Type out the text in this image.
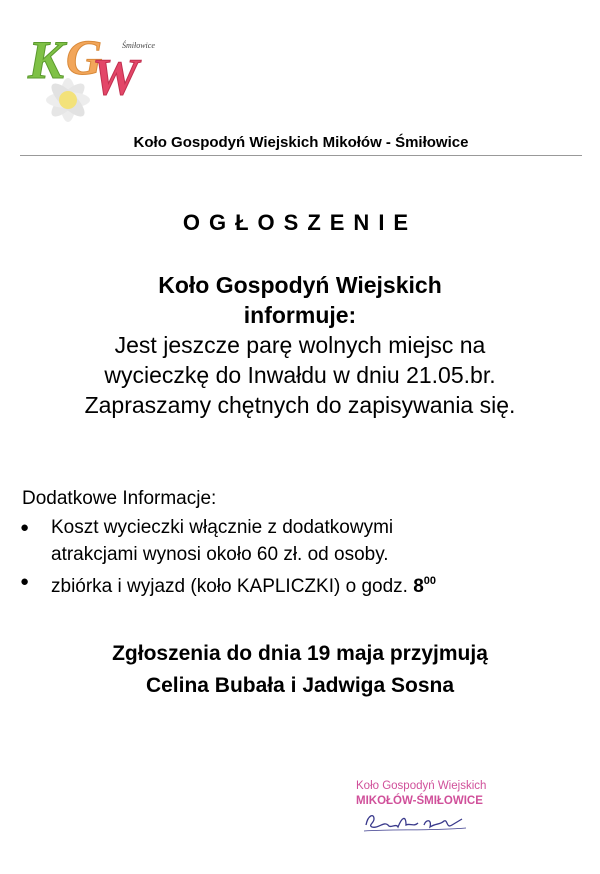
K G
W
Śmiłowice
Koło Gospodyń Wiejskich Mikołów - Śmiłowice
OGŁOSZENIE
Koło Gospodyń Wiejskich
informuje:
Jest jeszcze parę wolnych miejsc na
wycieczkę do Inwałdu w dniu 21.05.br.
Zapraszamy chętnych do zapisywania się.
Dodatkowe Informacje:
●	Koszt wycieczki włącznie z dodatkowymi
atrakcjami wynosi około 60 zł. od osoby.
●	zbiórka i wyjazd (koło KAPLICZKI) o godz. $8^{00}$
Zgłoszenia do dnia 19 maja przyjmują
Celina Bubała i Jadwiga Sosna
Koło Gospodyń Wiejskich
MIKOŁÓW-ŚMIŁOWICE
